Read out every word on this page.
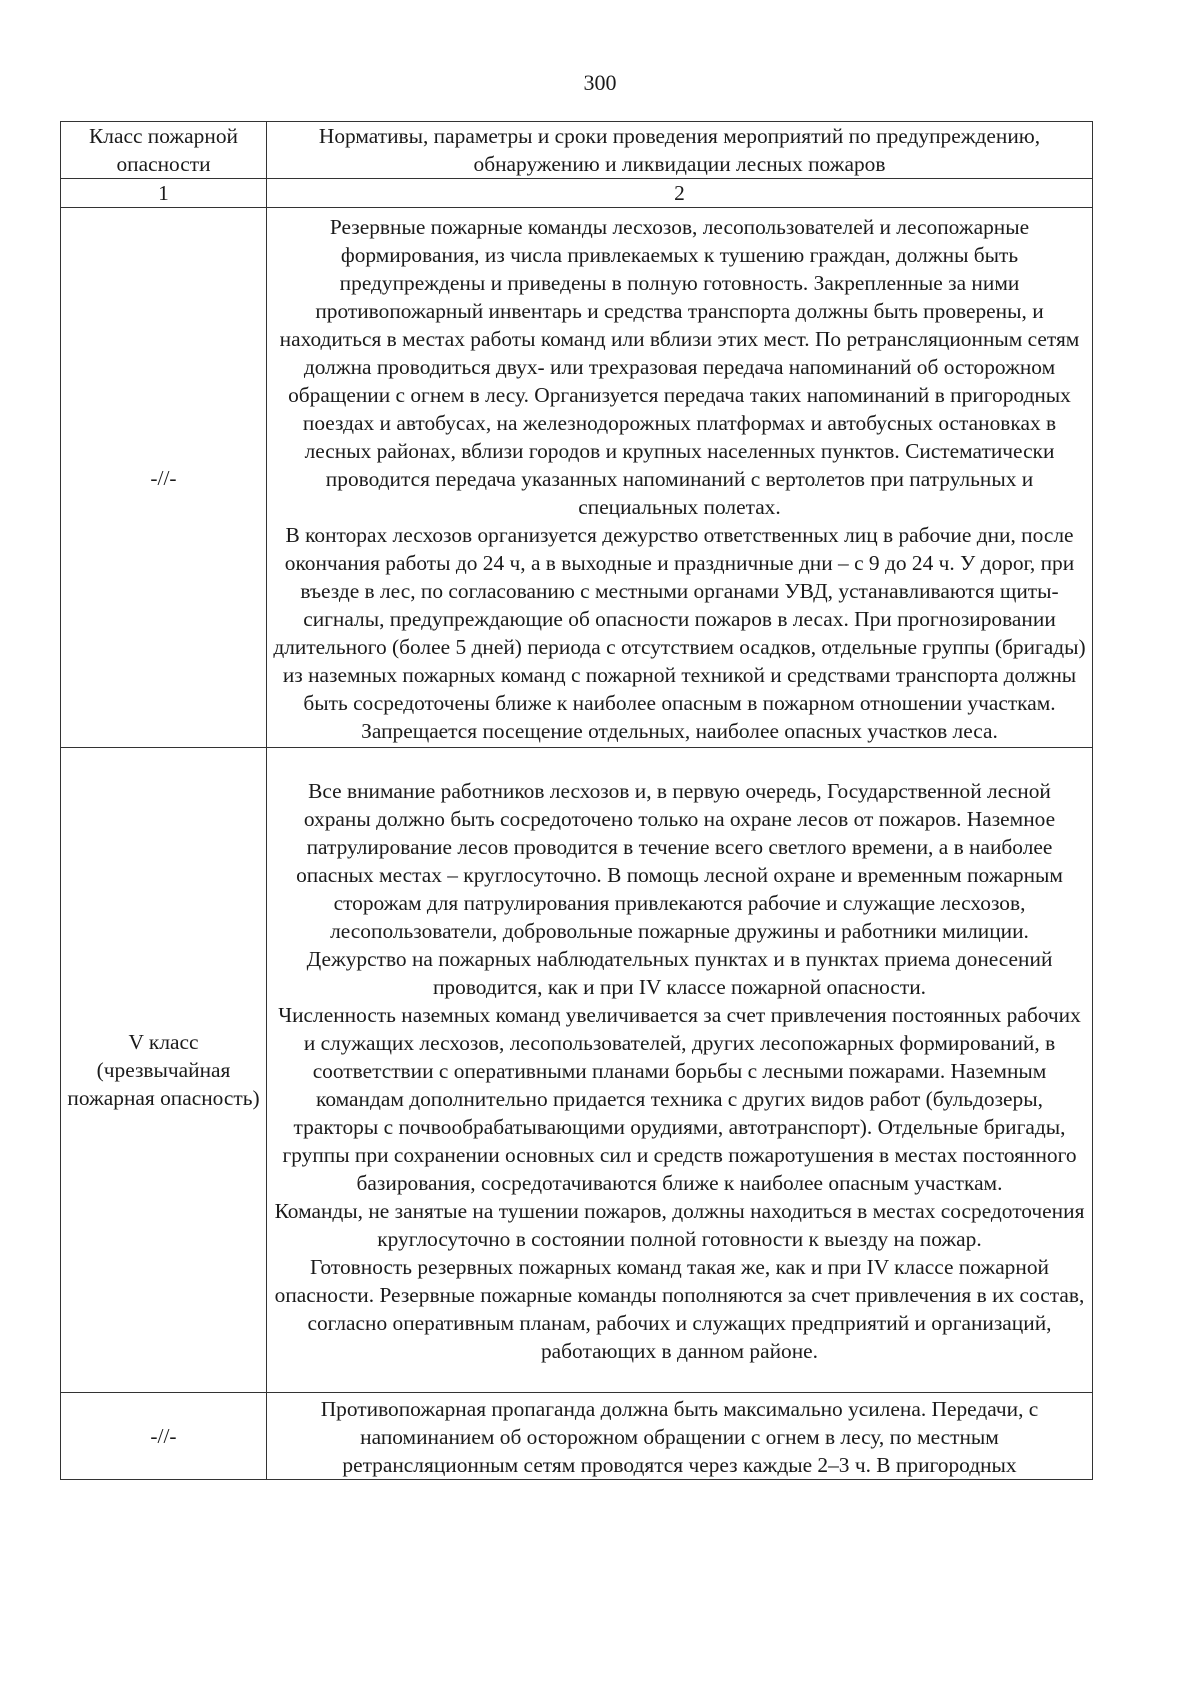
300
Класс пожарной опасности	Нормативы, параметры и сроки проведения мероприятий по предупреждению, обнаружению и ликвидации лесных пожаров
1	2
-//-	Резервные пожарные команды лесхозов, лесопользователей и лесопожарные формирования, из числа привлекаемых к тушению граждан, должны быть предупреждены и приведены в полную готовность. Закрепленные за ними противопожарный инвентарь и средства транспорта должны быть проверены, и находиться в местах работы команд или вблизи этих мест. По ретрансляционным сетям должна проводиться двух- или трехразовая передача напоминаний об осторожном обращении с огнем в лесу. Организуется передача таких напоминаний в пригородных поездах и автобусах, на железнодорожных платформах и автобусных остановках в лесных районах, вблизи городов и крупных населенных пунктов. Систематически проводится передача указанных напоминаний с вертолетов при патрульных и специальных полетах.
В конторах лесхозов организуется дежурство ответственных лиц в рабочие дни, после окончания работы до 24 ч, а в выходные и праздничные дни – с 9 до 24 ч. У дорог, при въезде в лес, по согласованию с местными органами УВД, устанавливаются щиты-сигналы, предупреждающие об опасности пожаров в лесах. При прогнозировании длительного (более 5 дней) периода с отсутствием осадков, отдельные группы (бригады) из наземных пожарных команд с пожарной техникой и средствами транспорта должны быть сосредоточены ближе к наиболее опасным в пожарном отношении участкам. Запрещается посещение отдельных, наиболее опасных участков леса.

V класс (чрезвычайная пожарная опасность)	Все внимание работников лесхозов и, в первую очередь, Государственной лесной охраны должно быть сосредоточено только на охране лесов от пожаров. Наземное патрулирование лесов проводится в течение всего светлого времени, а в наиболее опасных местах – круглосуточно. В помощь лесной охране и временным пожарным сторожам для патрулирования привлекаются рабочие и служащие лесхозов, лесопользователи, добровольные пожарные дружины и работники милиции.
Дежурство на пожарных наблюдательных пунктах и в пунктах приема донесений проводится, как и при IV классе пожарной опасности.
Численность наземных команд увеличивается за счет привлечения постоянных рабочих и служащих лесхозов, лесопользователей, других лесопожарных формирований, в соответствии с оперативными планами борьбы с лесными пожарами. Наземным командам дополнительно придается техника с других видов работ (бульдозеры, тракторы с почвообрабатывающими орудиями, автотранспорт). Отдельные бригады, группы при сохранении основных сил и средств пожаротушения в местах постоянного базирования, сосредотачиваются ближе к наиболее опасным участкам.
Команды, не занятые на тушении пожаров, должны находиться в местах сосредоточения круглосуточно в состоянии полной готовности к выезду на пожар.
Готовность резервных пожарных команд такая же, как и при IV классе пожарной опасности. Резервные пожарные команды пополняются за счет привлечения в их состав, согласно оперативным планам, рабочих и служащих предприятий и организаций, работающих в данном районе.

-//-	Противопожарная пропаганда должна быть максимально усилена. Передачи, с напоминанием об осторожном обращении с огнем в лесу, по местным ретрансляционным сетям проводятся через каждые 2–3 ч. В пригородных
